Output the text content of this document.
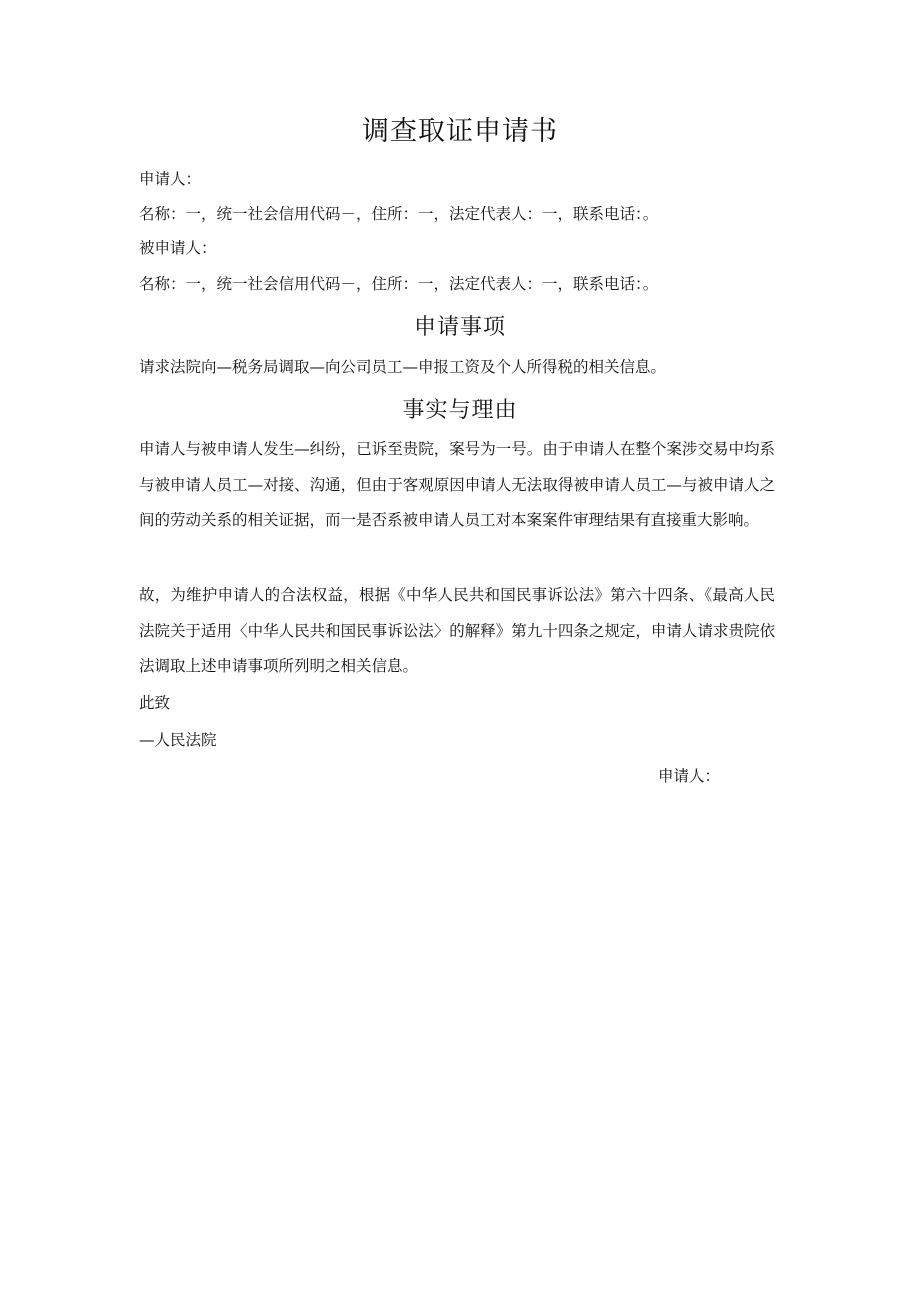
调查取证申请书
申请人：
名称：一，统一社会信用代码－，住所：一，法定代表人：一，联系电话：。
被申请人：
名称：一，统一社会信用代码－，住所：一，法定代表人：一，联系电话：。
申请事项
请求法院向—税务局调取—向公司员工—申报工资及个人所得税的相关信息。
事实与理由
申请人与被申请人发生—纠纷，已诉至贵院，案号为一号。由于申请人在整个案涉交易中均系与被申请人员工—对接、沟通，但由于客观原因申请人无法取得被申请人员工—与被申请人之间的劳动关系的相关证据，而一是否系被申请人员工对本案案件审理结果有直接重大影响。
故，为维护申请人的合法权益，根据《中华人民共和国民事诉讼法》第六十四条、《最高人民法院关于适用〈中华人民共和国民事诉讼法〉的解释》第九十四条之规定，申请人请求贵院依法调取上述申请事项所列明之相关信息。
此致
—人民法院
申请人：
